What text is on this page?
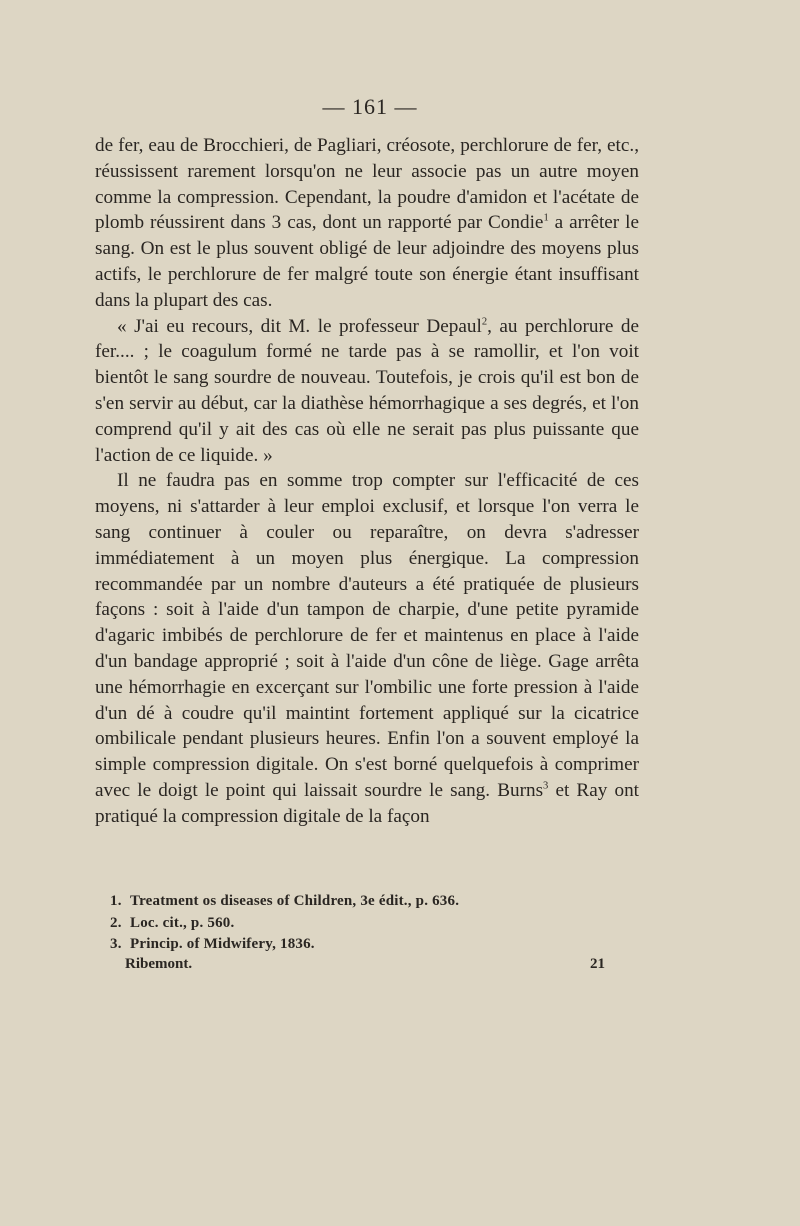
— 161 —

de fer, eau de Brocchieri, de Pagliari, créosote, perchlorure de fer, etc., réussissent rarement lorsqu'on ne leur associe pas un autre moyen comme la compression. Cependant, la poudre d'amidon et l'acétate de plomb réussirent dans 3 cas, dont un rapporté par Condie$^1$ a arrêter le sang. On est le plus souvent obligé de leur adjoindre des moyens plus actifs, le perchlorure de fer malgré toute son énergie étant insuffisant dans la plupart des cas.

« J'ai eu recours, dit M. le professeur Depaul$^2$, au perchlorure de fer.... ; le coagulum formé ne tarde pas à se ramollir, et l'on voit bientôt le sang sourdre de nouveau. Toutefois, je crois qu'il est bon de s'en servir au début, car la diathèse hémorrhagique a ses degrés, et l'on comprend qu'il y ait des cas où elle ne serait pas plus puissante que l'action de ce liquide. »

Il ne faudra pas en somme trop compter sur l'efficacité de ces moyens, ni s'attarder à leur emploi exclusif, et lorsque l'on verra le sang continuer à couler ou reparaître, on devra s'adresser immédiatement à un moyen plus énergique. La compression recommandée par un nombre d'auteurs a été pratiquée de plusieurs façons : soit à l'aide d'un tampon de charpie, d'une petite pyramide d'agaric imbibés de perchlorure de fer et maintenus en place à l'aide d'un bandage approprié ; soit à l'aide d'un cône de liège. Gage arrêta une hémorrhagie en excerçant sur l'ombilic une forte pression à l'aide d'un dé à coudre qu'il maintint fortement appliqué sur la cicatrice ombilicale pendant plusieurs heures. Enfin l'on a souvent employé la simple compression digitale. On s'est borné quelquefois à comprimer avec le doigt le point qui laissait sourdre le sang. Burns$^3$ et Ray ont pratiqué la compression digitale de la façon

1. Treatment os diseases of Children, 3e édit., p. 636.
2. Loc. cit., p. 560.
3. Princip. of Midwifery, 1836.
Ribemont.	21
